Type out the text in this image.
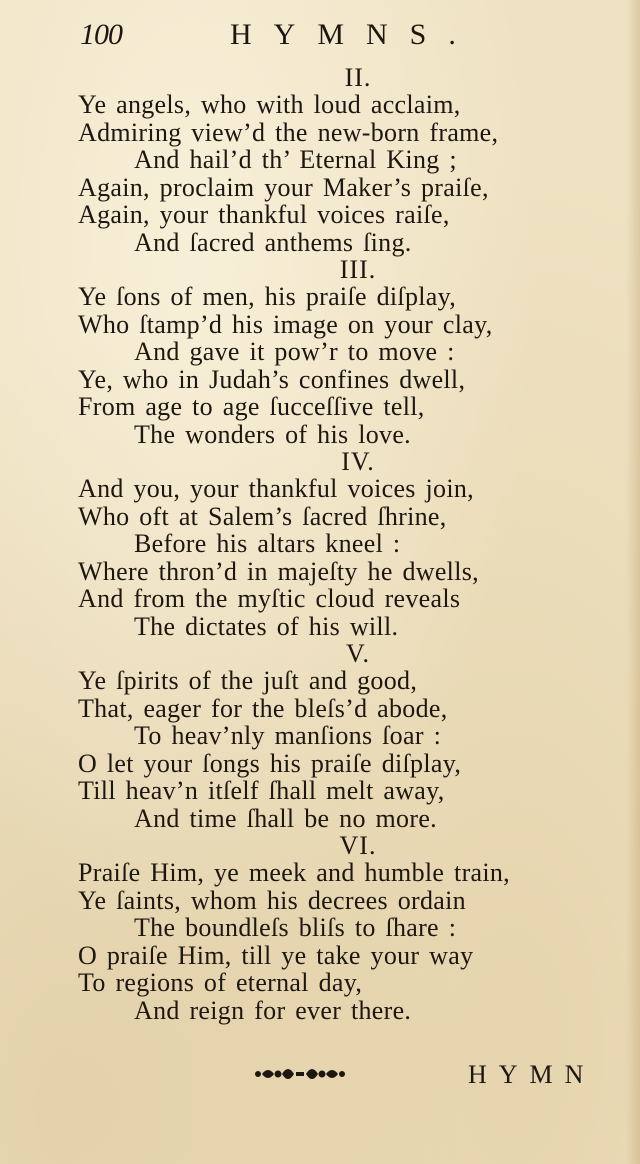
100	HYMNS.
II.
Ye angels, who with loud acclaim,
Admiring view’d the new-born frame,
And hail’d th’ Eternal King ;
Again, proclaim your Maker’s praiſe,
Again, your thankful voices raiſe,
And ſacred anthems ſing.
III.
Ye ſons of men, his praiſe diſplay,
Who ſtamp’d his image on your clay,
And gave it pow’r to move :
Ye, who in Judah’s confines dwell,
From age to age ſucceſſive tell,
The wonders of his love.
IV.
And you, your thankful voices join,
Who oft at Salem’s ſacred ſhrine,
Before his altars kneel :
Where thron’d in majeſty he dwells,
And from the myſtic cloud reveals
The dictates of his will.
V.
Ye ſpirits of the juſt and good,
That, eager for the bleſs’d abode,
To heav’nly manſions ſoar :
O let your ſongs his praiſe diſplay,
Till heav’n itſelf ſhall melt away,
And time ſhall be no more.
VI.
Praiſe Him, ye meek and humble train,
Ye ſaints, whom his decrees ordain
The boundleſs bliſs to ſhare :
O praiſe Him, till ye take your way
To regions of eternal day,
And reign for ever there.
HYMN
